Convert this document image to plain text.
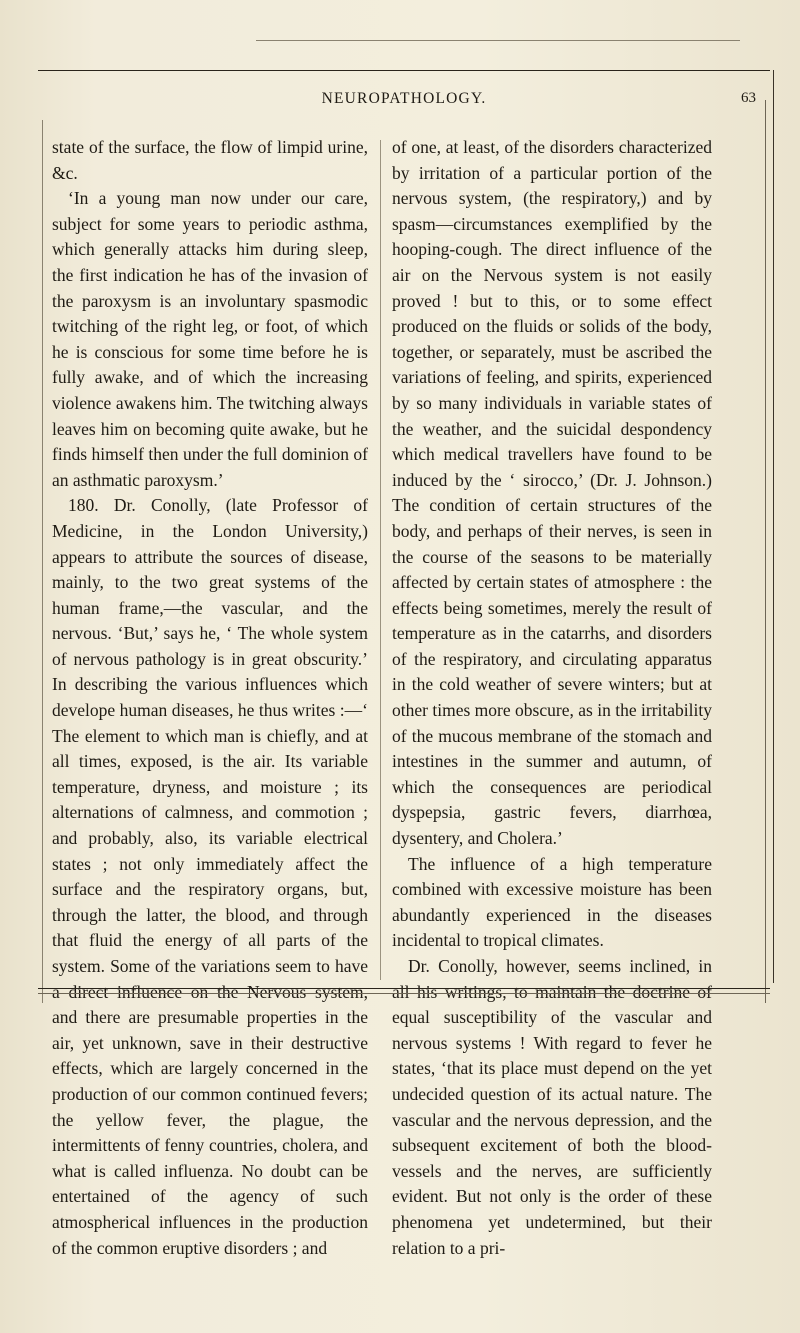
NEUROPATHOLOGY.	63

state of the surface, the flow of limpid urine, &c.

‘In a young man now under our care, subject for some years to periodic asthma, which generally attacks him during sleep, the first indication he has of the invasion of the paroxysm is an involuntary spasmodic twitching of the right leg, or foot, of which he is conscious for some time before he is fully awake, and of which the increasing violence awakens him. The twitching always leaves him on becoming quite awake, but he finds himself then under the full dominion of an asthmatic paroxysm.’

180. Dr. Conolly, (late Professor of Medicine, in the London University,) appears to attribute the sources of disease, mainly, to the two great systems of the human frame,—the vascular, and the nervous. ‘But,’ says he, ‘ The whole system of nervous pathology is in great obscurity.’ In describing the various influences which develope human diseases, he thus writes :—‘ The element to which man is chiefly, and at all times, exposed, is the air. Its variable temperature, dryness, and moisture ; its alternations of calmness, and commotion ; and probably, also, its variable electrical states ; not only immediately affect the surface and the respiratory organs, but, through the latter, the blood, and through that fluid the energy of all parts of the system. Some of the variations seem to have a direct influence on the Nervous system, and there are presumable properties in the air, yet unknown, save in their destructive effects, which are largely concerned in the production of our common continued fevers; the yellow fever, the plague, the intermittents of fenny countries, cholera, and what is called influenza. No doubt can be entertained of the agency of such atmospherical influences in the production of the common eruptive disorders ; and

of one, at least, of the disorders characterized by irritation of a particular portion of the nervous system, (the respiratory,) and by spasm—circumstances exemplified by the hooping-cough. The direct influence of the air on the Nervous system is not easily proved ! but to this, or to some effect produced on the fluids or solids of the body, together, or separately, must be ascribed the variations of feeling, and spirits, experienced by so many individuals in variable states of the weather, and the suicidal despondency which medical travellers have found to be induced by the ‘ sirocco,’ (Dr. J. Johnson.) The condition of certain structures of the body, and perhaps of their nerves, is seen in the course of the seasons to be materially affected by certain states of atmosphere : the effects being sometimes, merely the result of temperature as in the catarrhs, and disorders of the respiratory, and circulating apparatus in the cold weather of severe winters; but at other times more obscure, as in the irritability of the mucous membrane of the stomach and intestines in the summer and autumn, of which the consequences are periodical dyspepsia, gastric fevers, diarrhœa, dysentery, and Cholera.’

The influence of a high temperature combined with excessive moisture has been abundantly experienced in the diseases incidental to tropical climates.

Dr. Conolly, however, seems inclined, in all his writings, to maintain the doctrine of equal susceptibility of the vascular and nervous systems ! With regard to fever he states, ‘that its place must depend on the yet undecided question of its actual nature. The vascular and the nervous depression, and the subsequent excitement of both the blood-vessels and the nerves, are sufficiently evident. But not only is the order of these phenomena yet undetermined, but their relation to a pri-
